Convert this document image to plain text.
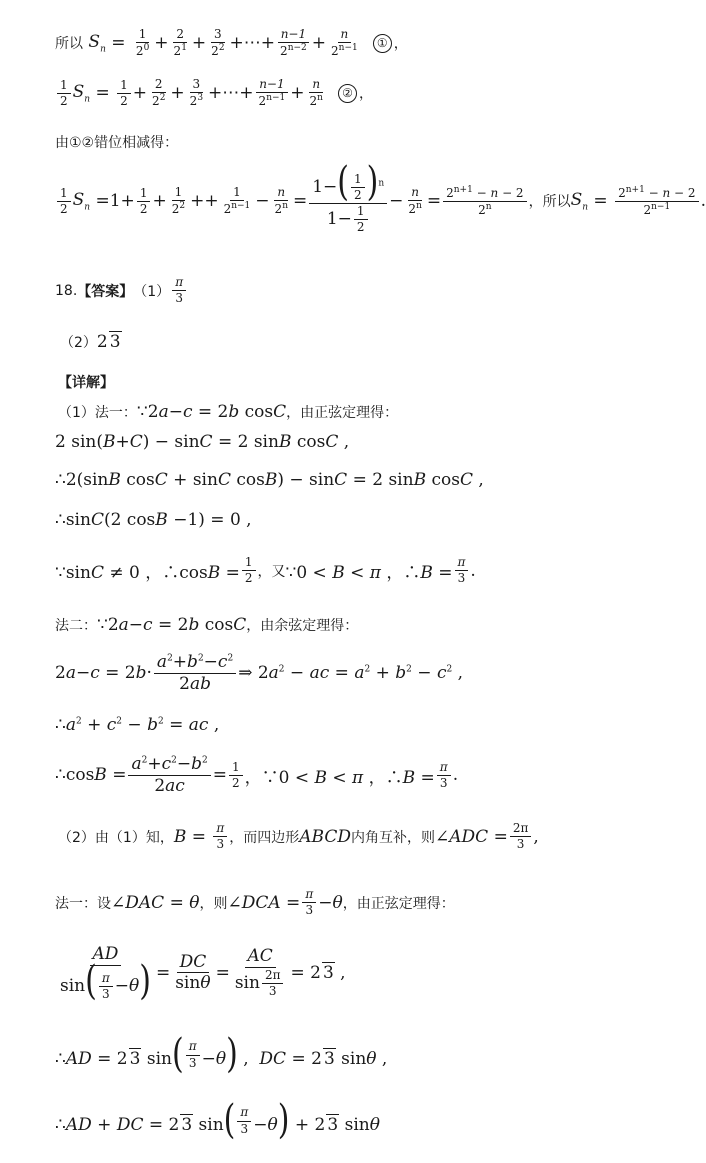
所以 $S_n = \frac{1}{2^0} + \frac{2}{2^1} + \frac{3}{2^2}$ +⋯+ $\frac{n-1}{2^{n-2}} + \frac{n}{2^{n-1}}$	① ，
$\frac{1}{2} S_n = \frac{1}{2} + \frac{2}{2^2} + \frac{3}{2^3}$ +⋯+ $\frac{n-1}{2^{n-1}} + \frac{n}{2^n}$	② ，
由①②错位相减得：
$\frac{1}{2} S_n =1+ \frac{1}{2} + \frac{1}{2^2} ++ \frac{1}{2^{n-1}} - \frac{n}{2^n} = \frac{1-( \frac{1}{2} )^n}{1- \frac{1}{2}} - \frac{n}{2^n} = \frac{2^{n+1} - n - 2}{2^n}$ ，所以 $S_n = \frac{2^{n+1} - n - 2}{2^{n-1}}$ .
18. 【答案】 $(1) \frac{\pi}{3}$
（2） 2 3
【详解】
（1）法一： ∵2a−c = 2b cosC ，由正弦定理得：
2 sin(B+C) − sinC = 2 sinB cosC ,
∴2(sinB cosC + sinC cosB) − sinC = 2 sinB cosC ,
∴sinC(2 cosB −1) = 0 ,
∵sinC ≠ 0 ，∴cosB = $\frac{1}{2}$ ，又 ∵0 < B < π ，∴B = $\frac{\pi}{3}$ .
法二： ∵2a−c = 2b cosC ，由余弦定理得：
$2a-c = 2b\cdot \frac{a^2+b^2-c^2}{2ab}$ ⇒ $2a^2$ − ac = $a^2 + b^2 - c^2$ ,
$\therefore a^2 + c^2 - b^2$ = ac ,
∴cosB = $\frac{a^2+c^2-b^2}{2ac} = \frac{1}{2}$ ，∵0 < B < π ，∴B = $\frac{\pi}{3}$ .
（2）由（1）知， $B = \frac{\pi}{3}$ ，而四边形 ABCD 内角互补，则 ∠ADC = $\frac{2\pi}{3}$ ,
法一：设 ∠DAC = θ ，则 ∠DCA = $\frac{\pi}{3} -\theta$ ，由正弦定理得：
$\frac{AD}{\sin( \frac{\pi}{3} -\theta)} = \frac{DC}{\sin\theta} = \frac{AC}{\sin \frac{2\pi}{3}} = 2$ 3 ,
∴AD = 2 3 $\sin( \frac{\pi}{3} -\theta)$ ,  DC = 2 3 sinθ ,
∴AD + DC = 2 3 $\sin( \frac{\pi}{3} -\theta) + 2$ 3 sinθ
